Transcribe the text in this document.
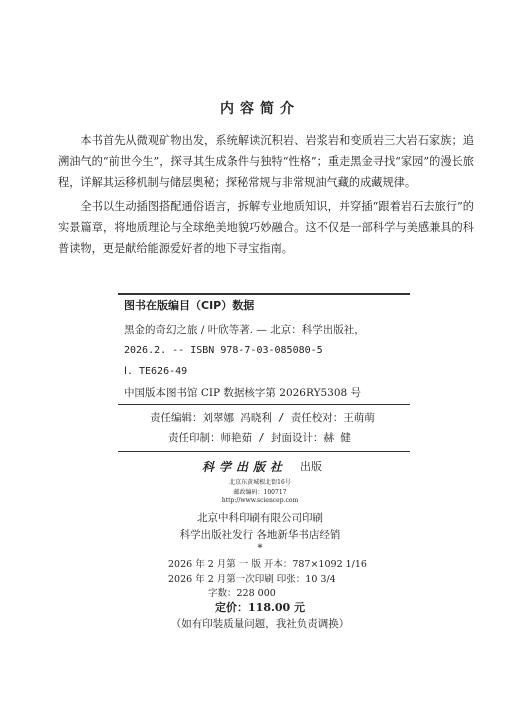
内容简介

本书首先从微观矿物出发，系统解读沉积岩、岩浆岩和变质岩三大岩石家族；追溯油气的“前世今生”，探寻其生成条件与独特“性格”；重走黑金寻找“家园”的漫长旅程，详解其运移机制与储层奥秘；探秘常规与非常规油气藏的成藏规律。

全书以生动插图搭配通俗语言，拆解专业地质知识，并穿插“跟着岩石去旅行”的实景篇章，将地质理论与全球绝美地貌巧妙融合。这不仅是一部科学与美感兼具的科普读物，更是献给能源爱好者的地下寻宝指南。

图书在版编目（CIP）数据
黑金的奇幻之旅 / 叶欣等著. — 北京：科学出版社，
2026.2. -- ISBN 978-7-03-085080-5
Ⅰ. TE626-49
中国版本图书馆 CIP 数据核字第 2026RY5308 号
责任编辑：刘翠娜 冯晓利 / 责任校对：王萌萌
责任印制：师艳茹 / 封面设计：赫 健
科学出版社 出版
北京东黄城根北街16号
邮政编码：100717
http://www.sciencep.com
北京中科印刷有限公司印刷
科学出版社发行 各地新华书店经销
*
2026 年 2 月第 一 版 开本：787×1092 1/16
2026 年 2 月第一次印刷 印张：10 3/4
字数：228 000
定价：118.00 元
（如有印装质量问题，我社负责调换）
